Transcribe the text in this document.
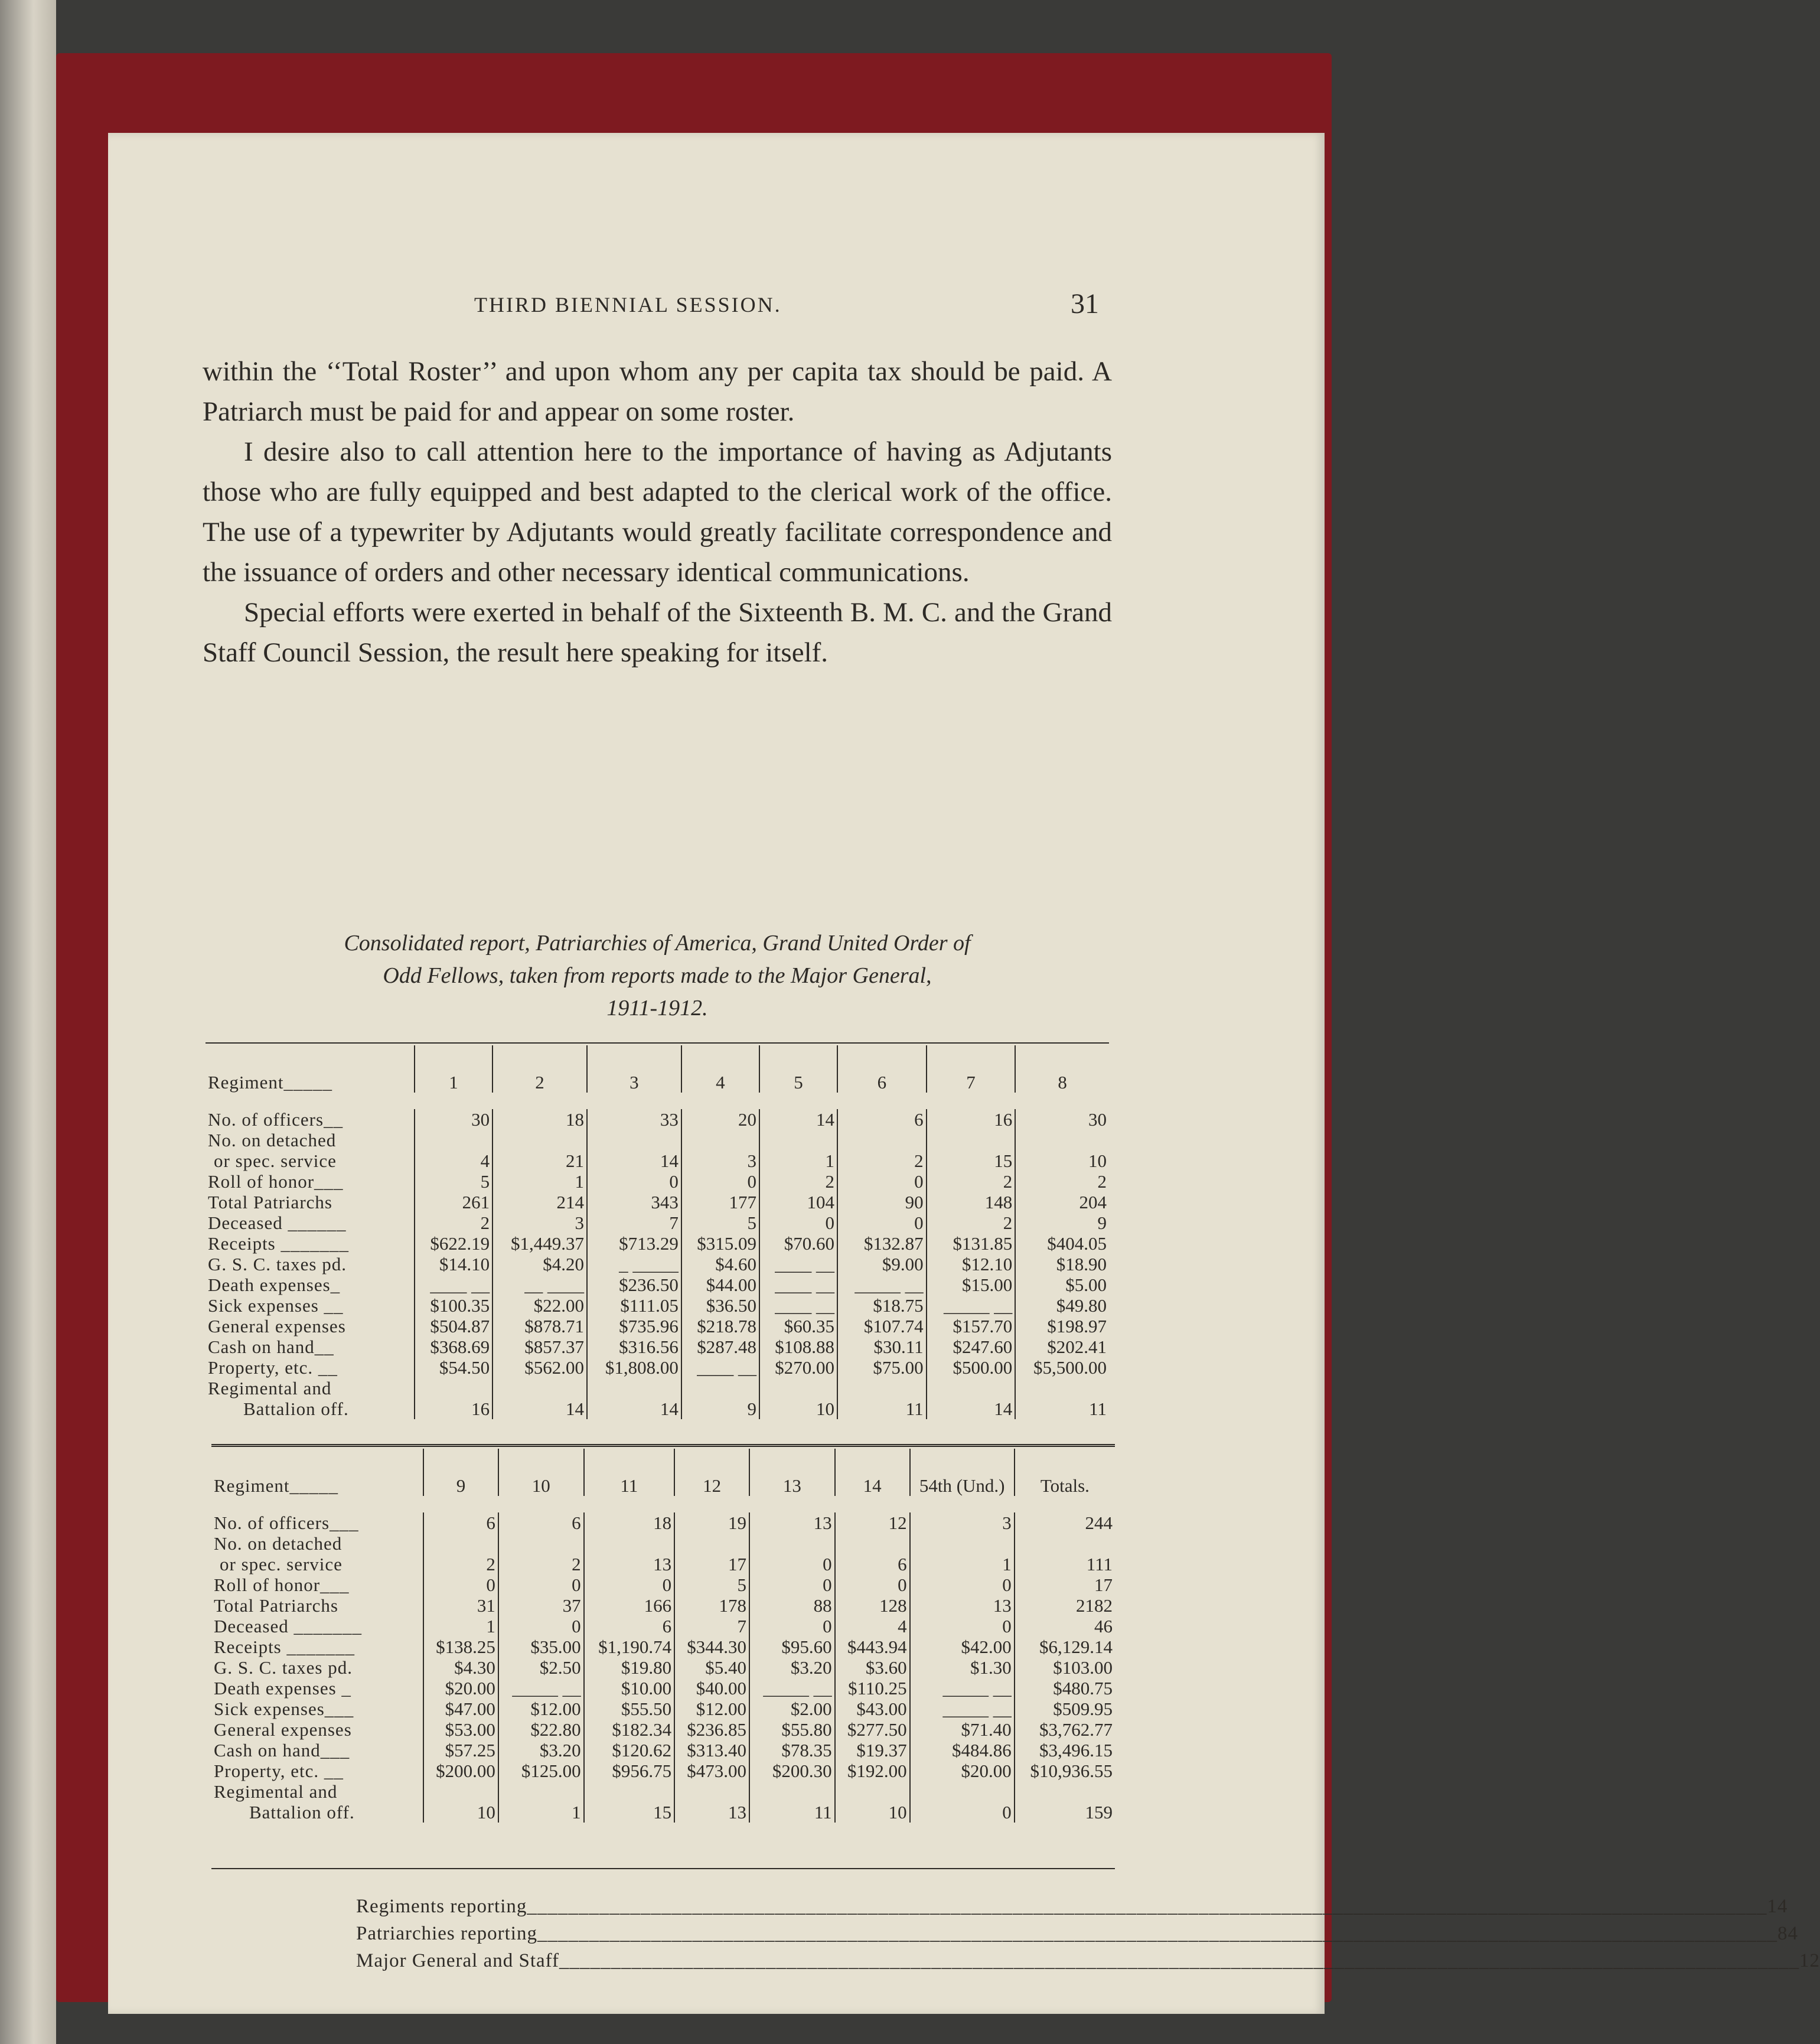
THIRD BIENNIAL SESSION.	31

within the ‘‘Total Roster’’ and upon whom any per capita tax should be paid. A Patriarch must be paid for and appear on some roster.

I desire also to call attention here to the importance of having as Adjutants those who are fully equipped and best adapted to the clerical work of the office. The use of a typewriter by Adjutants would greatly facilitate correspondence and the issuance of orders and other necessary identical communications.

Special efforts were exerted in behalf of the Sixteenth B. M. C. and the Grand Staff Council Session, the result here speaking for itself.

Consolidated report, Patriarchies of America, Grand United Order of
Odd Fellows, taken from reports made to the Major General,
1911-1912.
Regiment_____	1	2	3	4	5	6	7	8

No. of officers__	30	18	33	20	14	6	16	30
No. on detached								
or spec. service	4	21	14	3	1	2	15	10
Roll of honor___	5	1	0	0	2	0	2	2
Total Patriarchs	261	214	343	177	104	90	148	204
Deceased ______	2	3	7	5	0	0	2	9
Receipts _______	$622.19	$1,449.37	$713.29	$315.09	$70.60	$132.87	$131.85	$404.05
G. S. C. taxes pd.	$14.10	$4.20	_ _____	$4.60	____ __	$9.00	$12.10	$18.90
Death expenses_	____ __	__ ____	$236.50	$44.00	____ __	_____ __	$15.00	$5.00
Sick expenses __	$100.35	$22.00	$111.05	$36.50	____ __	$18.75	_____ __	$49.80
General expenses	$504.87	$878.71	$735.96	$218.78	$60.35	$107.74	$157.70	$198.97
Cash on hand__	$368.69	$857.37	$316.56	$287.48	$108.88	$30.11	$247.60	$202.41
Property, etc. __	$54.50	$562.00	$1,808.00	____ __	$270.00	$75.00	$500.00	$5,500.00
Regimental and								
Battalion off.	16	14	14	9	10	11	14	11
Regiment_____	9	10	11	12	13	14	54th (Und.)	Totals.

No. of officers___	6	6	18	19	13	12	3	244
No. on detached								
or spec. service	2	2	13	17	0	6	1	111
Roll of honor___	0	0	0	5	0	0	0	17
Total Patriarchs	31	37	166	178	88	128	13	2182
Deceased _______	1	0	6	7	0	4	0	46
Receipts _______	$138.25	$35.00	$1,190.74	$344.30	$95.60	$443.94	$42.00	$6,129.14
G. S. C. taxes pd.	$4.30	$2.50	$19.80	$5.40	$3.20	$3.60	$1.30	$103.00
Death expenses _	$20.00	_____ __	$10.00	$40.00	_____ __	$110.25	_____ __	$480.75
Sick expenses___	$47.00	$12.00	$55.50	$12.00	$2.00	$43.00	_____ __	$509.95
General expenses	$53.00	$22.80	$182.34	$236.85	$55.80	$277.50	$71.40	$3,762.77
Cash on hand___	$57.25	$3.20	$120.62	$313.40	$78.35	$19.37	$484.86	$3,496.15
Property, etc. __	$200.00	$125.00	$956.75	$473.00	$200.30	$192.00	$20.00	$10,936.55
Regimental and								
Battalion off.	10	1	15	13	11	10	0	159
Regiments reporting________________________________________________________________________________________________________________________ 14
Patriarchies reporting________________________________________________________________________________________________________________________ 84
Major General and Staff________________________________________________________________________________________________________________________ 12
